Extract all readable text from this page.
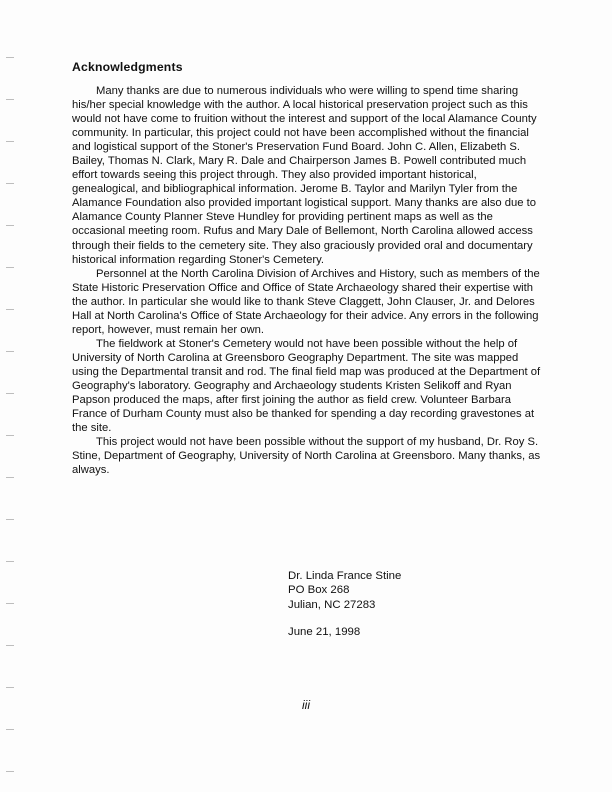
Acknowledgments

Many thanks are due to numerous individuals who were willing to spend time sharing his/her special knowledge with the author. A local historical preservation project such as this would not have come to fruition without the interest and support of the local Alamance County community. In particular, this project could not have been accomplished without the financial and logistical support of the Stoner's Preservation Fund Board. John C. Allen, Elizabeth S. Bailey, Thomas N. Clark, Mary R. Dale and Chairperson James B. Powell contributed much effort towards seeing this project through. They also provided important historical, genealogical, and bibliographical information. Jerome B. Taylor and Marilyn Tyler from the Alamance Foundation also provided important logistical support. Many thanks are also due to Alamance County Planner Steve Hundley for providing pertinent maps as well as the occasional meeting room. Rufus and Mary Dale of Bellemont, North Carolina allowed access through their fields to the cemetery site. They also graciously provided oral and documentary historical information regarding Stoner's Cemetery.

Personnel at the North Carolina Division of Archives and History, such as members of the State Historic Preservation Office and Office of State Archaeology shared their expertise with the author. In particular she would like to thank Steve Claggett, John Clauser, Jr. and Delores Hall at North Carolina's Office of State Archaeology for their advice. Any errors in the following report, however, must remain her own.

The fieldwork at Stoner's Cemetery would not have been possible without the help of University of North Carolina at Greensboro Geography Department. The site was mapped using the Departmental transit and rod. The final field map was produced at the Department of Geography's laboratory. Geography and Archaeology students Kristen Selikoff and Ryan Papson produced the maps, after first joining the author as field crew. Volunteer Barbara France of Durham County must also be thanked for spending a day recording gravestones at the site.

This project would not have been possible without the support of my husband, Dr. Roy S. Stine, Department of Geography, University of North Carolina at Greensboro. Many thanks, as always.

Dr. Linda France Stine
PO Box 268
Julian, NC 27283
June 21, 1998
iii
